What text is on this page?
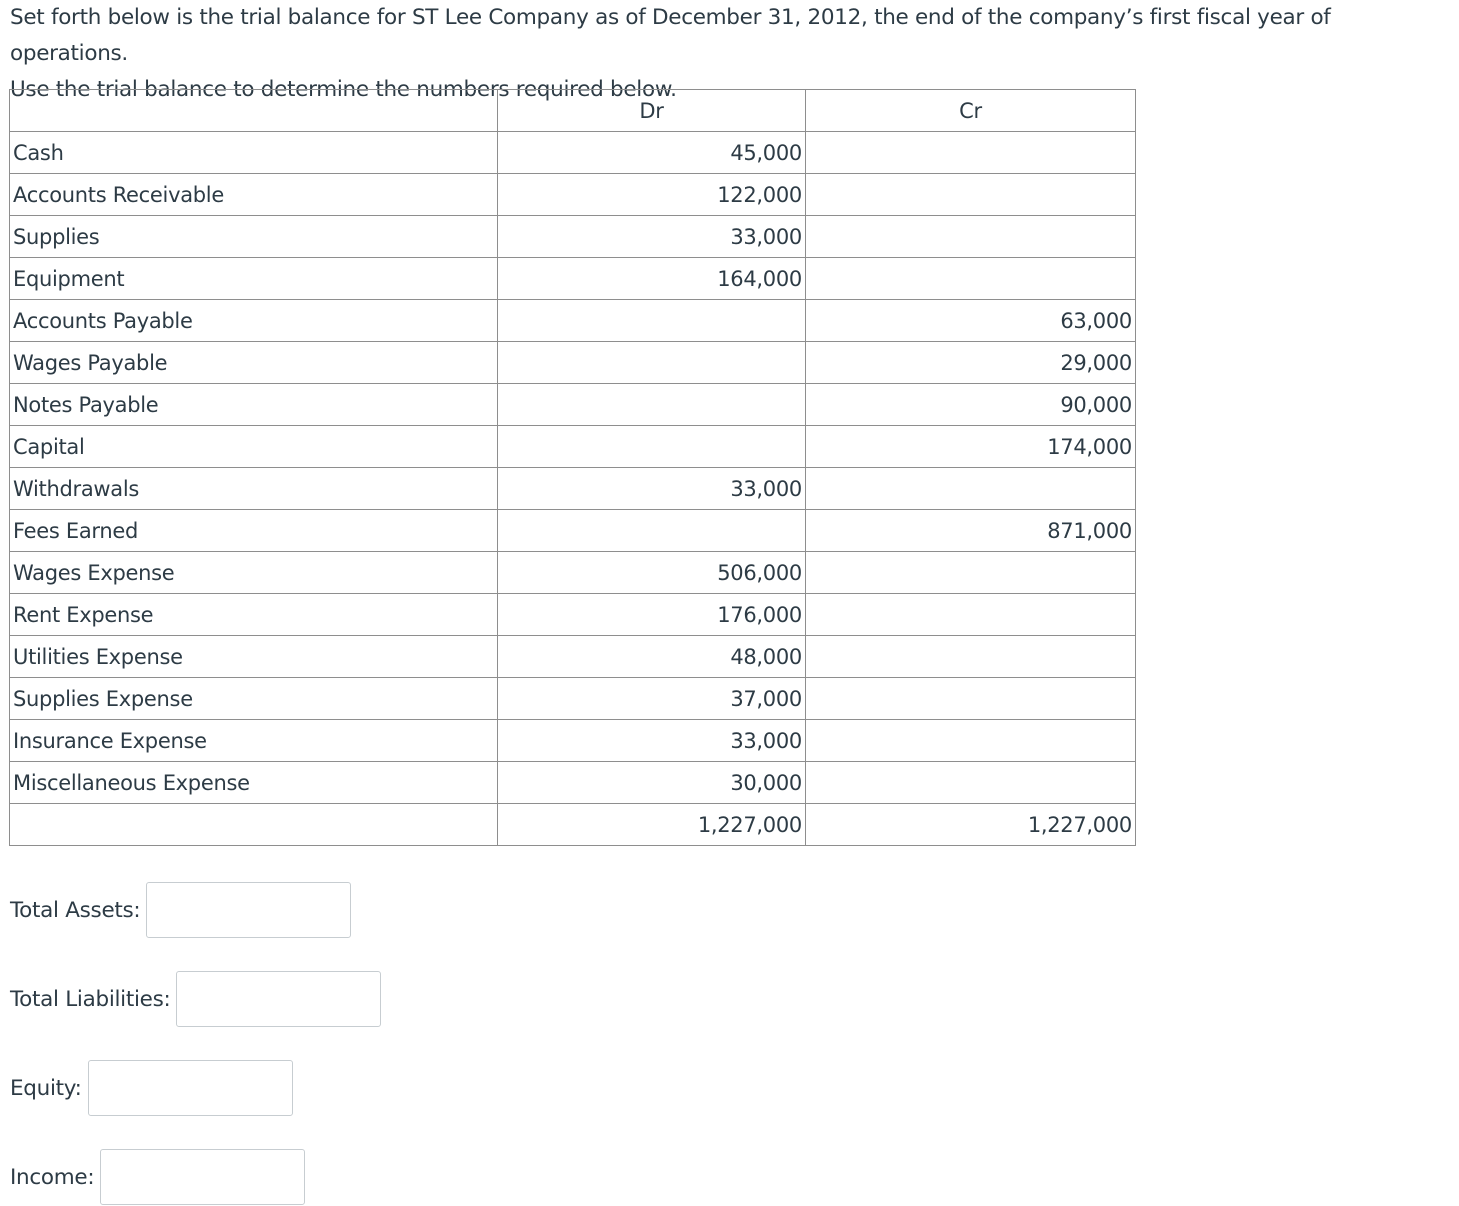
Set forth below is the trial balance for ST Lee Company as of December 31, 2012, the end of the company’s first fiscal year of operations.
Use the trial balance to determine the numbers required below.
	Dr	Cr
Cash	45,000	
Accounts Receivable	122,000	
Supplies	33,000	
Equipment	164,000	
Accounts Payable		63,000
Wages Payable		29,000
Notes Payable		90,000
Capital		174,000
Withdrawals	33,000	
Fees Earned		871,000
Wages Expense	506,000	
Rent Expense	176,000	
Utilities Expense	48,000	
Supplies Expense	37,000	
Insurance Expense	33,000	
Miscellaneous Expense	30,000	
	1,227,000	1,227,000
Total Assets:
Total Liabilities:
Equity:
Income:
